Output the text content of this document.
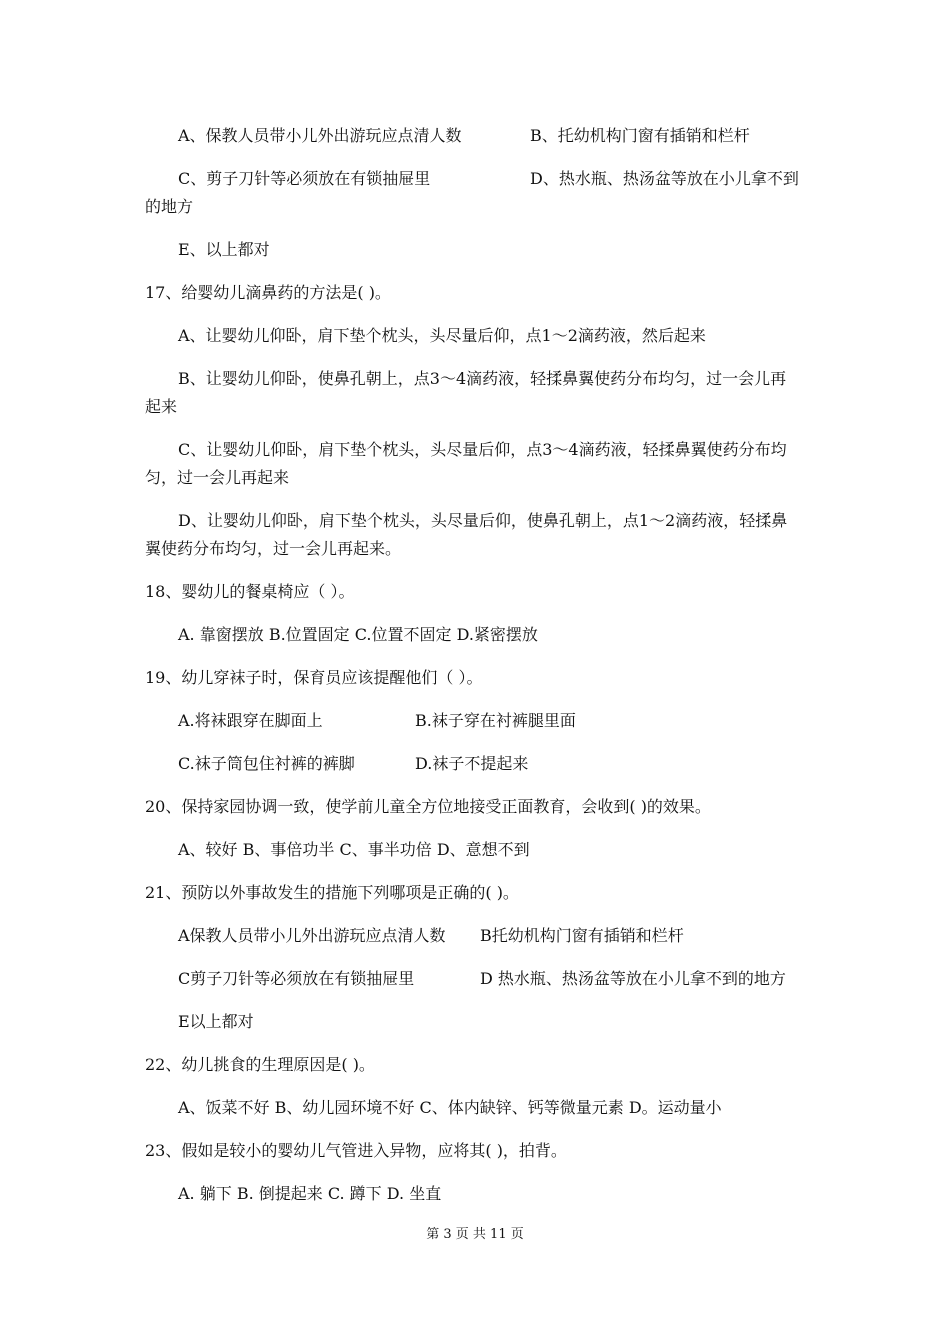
A、保教人员带小儿外出游玩应点清人数	B、托幼机构门窗有插销和栏杆
C、剪子刀针等必须放在有锁抽屉里	D、热水瓶、热汤盆等放在小儿拿不到
的地方
E、以上都对
17、给婴幼儿滴鼻药的方法是( )。
A、让婴幼儿仰卧，肩下垫个枕头，头尽量后仰，点1～2滴药液，然后起来
B、让婴幼儿仰卧，使鼻孔朝上，点3～4滴药液，轻揉鼻翼使药分布均匀，过一会儿再
起来
C、让婴幼儿仰卧，肩下垫个枕头，头尽量后仰，点3～4滴药液，轻揉鼻翼使药分布均
匀，过一会儿再起来
D、让婴幼儿仰卧，肩下垫个枕头，头尽量后仰，使鼻孔朝上，点1～2滴药液，轻揉鼻
翼使药分布均匀，过一会儿再起来。
18、婴幼儿的餐桌椅应（ ）。
A. 靠窗摆放 B.位置固定 C.位置不固定 D.紧密摆放
19、幼儿穿袜子时，保育员应该提醒他们（ ）。
A.将袜跟穿在脚面上	B.袜子穿在衬裤腿里面
C.袜子筒包住衬裤的裤脚	D.袜子不提起来
20、保持家园协调一致，使学前儿童全方位地接受正面教育，会收到( )的效果。
A、较好 B、事倍功半 C、事半功倍 D、意想不到
21、预防以外事故发生的措施下列哪项是正确的( )。
A保教人员带小儿外出游玩应点清人数 B托幼机构门窗有插销和栏杆
C剪子刀针等必须放在有锁抽屉里	D 热水瓶、热汤盆等放在小儿拿不到的地方
E以上都对
22、幼儿挑食的生理原因是( )。
A、饭菜不好 B、幼儿园环境不好 C、体内缺锌、钙等微量元素 D。运动量小
23、假如是较小的婴幼儿气管进入异物，应将其( )，拍背。
A. 躺下 B. 倒提起来 C. 蹲下 D. 坐直
第 3 页 共 11 页
